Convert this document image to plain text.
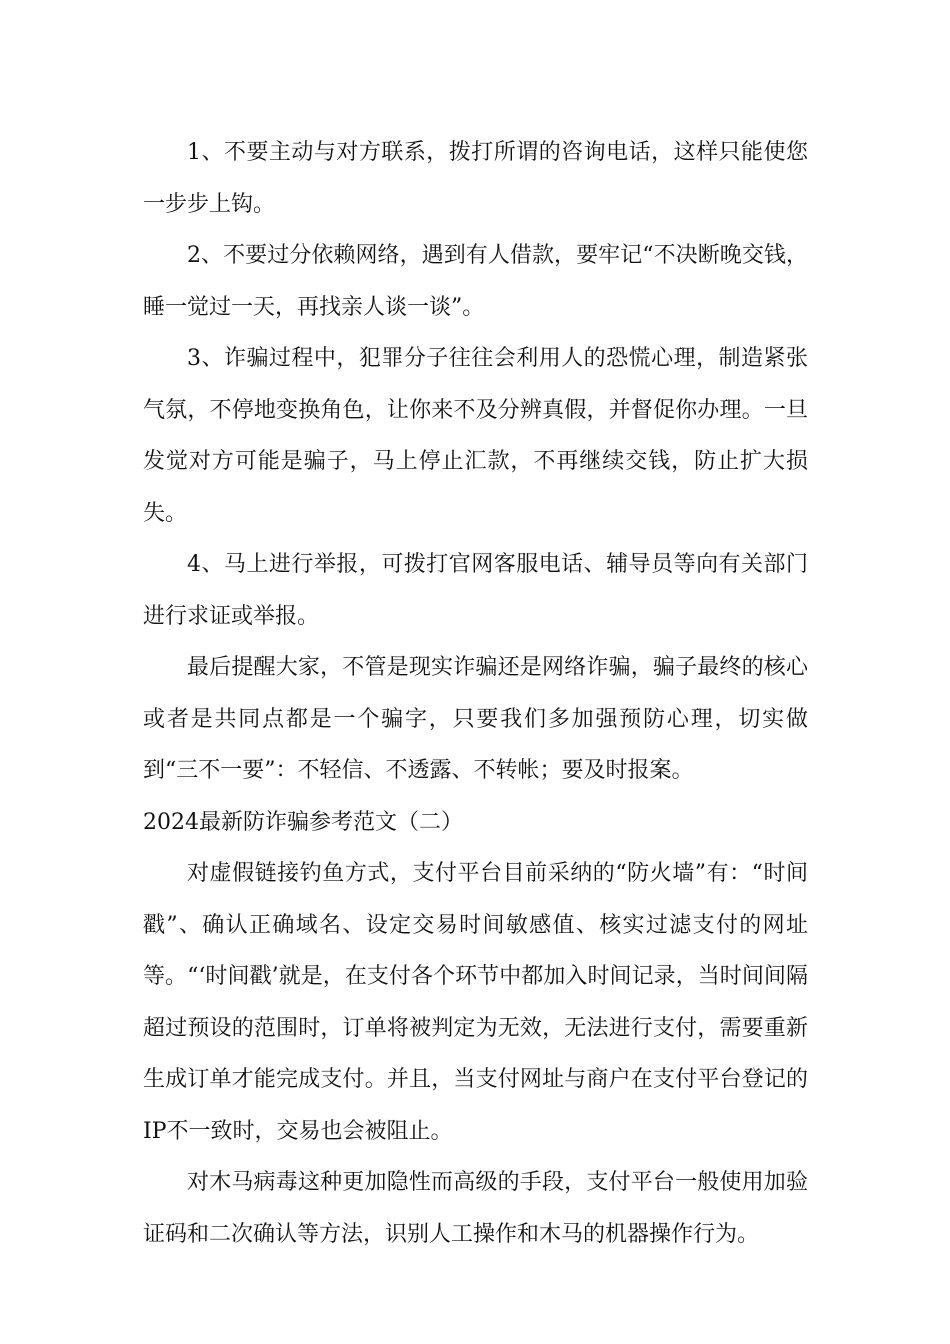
1、不要主动与对方联系，拨打所谓的咨询电话，这样只能使您一步步上钩。

2、不要过分依赖网络，遇到有人借款，要牢记“不决断晚交钱，睡一觉过一天，再找亲人谈一谈”。

3、诈骗过程中，犯罪分子往往会利用人的恐慌心理，制造紧张气氛，不停地变换角色，让你来不及分辨真假，并督促你办理。一旦发觉对方可能是骗子，马上停止汇款，不再继续交钱，防止扩大损失。

4、马上进行举报，可拨打官网客服电话、辅导员等向有关部门进行求证或举报。

最后提醒大家，不管是现实诈骗还是网络诈骗，骗子最终的核心或者是共同点都是一个骗字，只要我们多加强预防心理，切实做到“三不一要”：不轻信、不透露、不转帐；要及时报案。

2024最新防诈骗参考范文（二）

对虚假链接钓鱼方式，支付平台目前采纳的“防火墙”有：“时间戳”、确认正确域名、设定交易时间敏感值、核实过滤支付的网址等。“‘时间戳’就是，在支付各个环节中都加入时间记录，当时间间隔超过预设的范围时，订单将被判定为无效，无法进行支付，需要重新生成订单才能完成支付。并且，当支付网址与商户在支付平台登记的IP不一致时，交易也会被阻止。

对木马病毒这种更加隐性而高级的手段，支付平台一般使用加验证码和二次确认等方法，识别人工操作和木马的机器操作行为。
